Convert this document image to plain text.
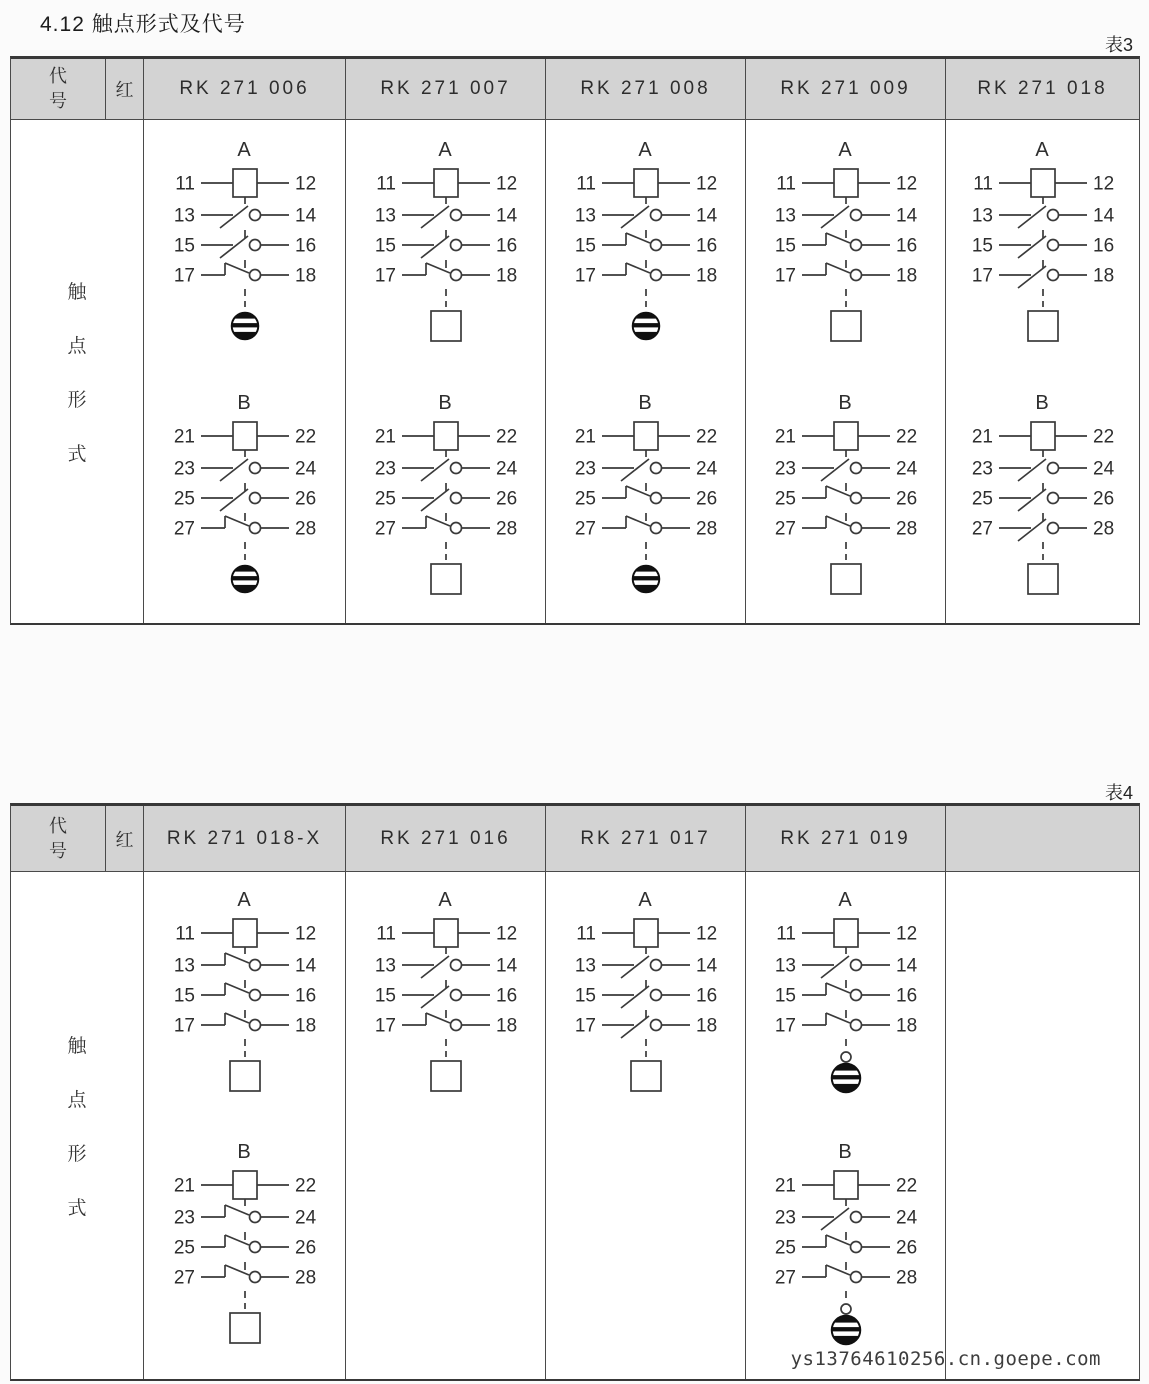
4.12 触点形式及代号
表3
代
号
红	RK 271 006	RK 271 007	RK 271 008	RK 271 009	RK 271 018
触
点
形
式
A
11	12
13	14
15	16
17	18
B
21	22
23	24
25	26
27	28
A
11	12
13	14
15	16
17	18
B
21	22
23	24
25	26
27	28
A
11	12
13	14
15	16
17	18
B
21	22
23	24
25	26
27	28
A
11	12
13	14
15	16
17	18
B
21	22
23	24
25	26
27	28
A
11	12
13	14
15	16
17	18
B
21	22
23	24
25	26
27	28
表4
代
号
红	RK 271 018-X	RK 271 016	RK 271 017	RK 271 019
触
点
形
式
A
11	12
13	14
15	16
17	18
B
21	22
23	24
25	26
27	28
A
11	12
13	14
15	16
17	18
A
11	12
13	14
15	16
17	18
A
11	12
13	14
15	16
17	18
B
21	22
23	24
25	26
27	28
ys13764610256.cn.goepe.com
